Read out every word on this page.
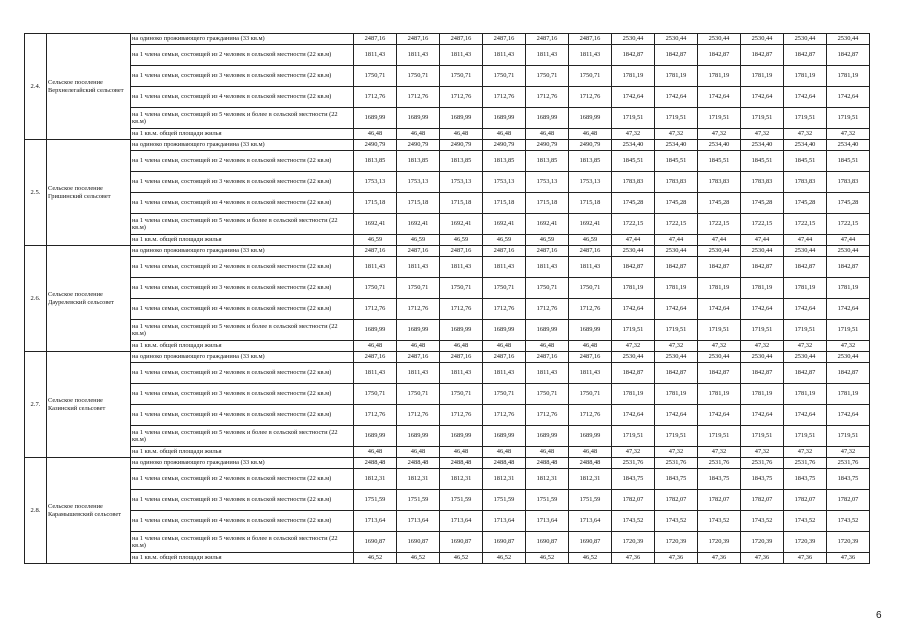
2.4.	Сельское поселение Верхнелегайский сельсовет	на одиноко проживающего гражданина (33 кв.м)	2487,16	2487,16	2487,16	2487,16	2487,16	2487,16	2530,44	2530,44	2530,44	2530,44	2530,44	2530,44
		на 1 члена семьи, состоящей из 2 человек в сельской местности (22 кв.м)	1811,43	1811,43	1811,43	1811,43	1811,43	1811,43	1842,87	1842,87	1842,87	1842,87	1842,87	1842,87
		на 1 члена семьи, состоящей из 3 человек в сельской местности (22 кв.м)	1750,71	1750,71	1750,71	1750,71	1750,71	1750,71	1781,19	1781,19	1781,19	1781,19	1781,19	1781,19
		на 1 члена семьи, состоящей из 4 человек в сельской местности (22 кв.м)	1712,76	1712,76	1712,76	1712,76	1712,76	1712,76	1742,64	1742,64	1742,64	1742,64	1742,64	1742,64
		на 1 члена семьи, состоящей из 5 человек и более в сельской местности (22 кв.м)	1689,99	1689,99	1689,99	1689,99	1689,99	1689,99	1719,51	1719,51	1719,51	1719,51	1719,51	1719,51
		на 1 кв.м. общей площади жилья	46,48	46,48	46,48	46,48	46,48	46,48	47,32	47,32	47,32	47,32	47,32	47,32
2.5.	Сельское поселение Гришинский сельсовет	на одиноко проживающего гражданина (33 кв.м)	2490,79	2490,79	2490,79	2490,79	2490,79	2490,79	2534,40	2534,40	2534,40	2534,40	2534,40	2534,40
		на 1 члена семьи, состоящей из 2 человек в сельской местности (22 кв.м)	1813,85	1813,85	1813,85	1813,85	1813,85	1813,85	1845,51	1845,51	1845,51	1845,51	1845,51	1845,51
		на 1 члена семьи, состоящей из 3 человек в сельской местности (22 кв.м)	1753,13	1753,13	1753,13	1753,13	1753,13	1753,13	1783,83	1783,83	1783,83	1783,83	1783,83	1783,83
		на 1 члена семьи, состоящей из 4 человек в сельской местности (22 кв.м)	1715,18	1715,18	1715,18	1715,18	1715,18	1715,18	1745,28	1745,28	1745,28	1745,28	1745,28	1745,28
		на 1 члена семьи, состоящей из 5 человек и более в сельской местности (22 кв.м)	1692,41	1692,41	1692,41	1692,41	1692,41	1692,41	1722,15	1722,15	1722,15	1722,15	1722,15	1722,15
		на 1 кв.м. общей площади жилья	46,59	46,59	46,59	46,59	46,59	46,59	47,44	47,44	47,44	47,44	47,44	47,44
2.6.	Сельское поселение Даурелевский сельсовет	на одиноко проживающего гражданина (33 кв.м)	2487,16	2487,16	2487,16	2487,16	2487,16	2487,16	2530,44	2530,44	2530,44	2530,44	2530,44	2530,44
		на 1 члена семьи, состоящей из 2 человек в сельской местности (22 кв.м)	1811,43	1811,43	1811,43	1811,43	1811,43	1811,43	1842,87	1842,87	1842,87	1842,87	1842,87	1842,87
		на 1 члена семьи, состоящей из 3 человек в сельской местности (22 кв.м)	1750,71	1750,71	1750,71	1750,71	1750,71	1750,71	1781,19	1781,19	1781,19	1781,19	1781,19	1781,19
		на 1 члена семьи, состоящей из 4 человек в сельской местности (22 кв.м)	1712,76	1712,76	1712,76	1712,76	1712,76	1712,76	1742,64	1742,64	1742,64	1742,64	1742,64	1742,64
		на 1 члена семьи, состоящей из 5 человек и более в сельской местности (22 кв.м)	1689,99	1689,99	1689,99	1689,99	1689,99	1689,99	1719,51	1719,51	1719,51	1719,51	1719,51	1719,51
		на 1 кв.м. общей площади жилья	46,48	46,48	46,48	46,48	46,48	46,48	47,32	47,32	47,32	47,32	47,32	47,32
2.7.	Сельское поселение Казинский сельсовет	на одиноко проживающего гражданина (33 кв.м)	2487,16	2487,16	2487,16	2487,16	2487,16	2487,16	2530,44	2530,44	2530,44	2530,44	2530,44	2530,44
		на 1 члена семьи, состоящей из 2 человек в сельской местности (22 кв.м)	1811,43	1811,43	1811,43	1811,43	1811,43	1811,43	1842,87	1842,87	1842,87	1842,87	1842,87	1842,87
		на 1 члена семьи, состоящей из 3 человек в сельской местности (22 кв.м)	1750,71	1750,71	1750,71	1750,71	1750,71	1750,71	1781,19	1781,19	1781,19	1781,19	1781,19	1781,19
		на 1 члена семьи, состоящей из 4 человек в сельской местности (22 кв.м)	1712,76	1712,76	1712,76	1712,76	1712,76	1712,76	1742,64	1742,64	1742,64	1742,64	1742,64	1742,64
		на 1 члена семьи, состоящей из 5 человек и более в сельской местности (22 кв.м)	1689,99	1689,99	1689,99	1689,99	1689,99	1689,99	1719,51	1719,51	1719,51	1719,51	1719,51	1719,51
		на 1 кв.м. общей площади жилья	46,48	46,48	46,48	46,48	46,48	46,48	47,32	47,32	47,32	47,32	47,32	47,32
2.8.	Сельское поселение Карамышевский сельсовет	на одиноко проживающего гражданина (33 кв.м)	2488,48	2488,48	2488,48	2488,48	2488,48	2488,48	2531,76	2531,76	2531,76	2531,76	2531,76	2531,76
		на 1 члена семьи, состоящей из 2 человек в сельской местности (22 кв.м)	1812,31	1812,31	1812,31	1812,31	1812,31	1812,31	1843,75	1843,75	1843,75	1843,75	1843,75	1843,75
		на 1 члена семьи, состоящей из 3 человек в сельской местности (22 кв.м)	1751,59	1751,59	1751,59	1751,59	1751,59	1751,59	1782,07	1782,07	1782,07	1782,07	1782,07	1782,07
		на 1 члена семьи, состоящей из 4 человек в сельской местности (22 кв.м)	1713,64	1713,64	1713,64	1713,64	1713,64	1713,64	1743,52	1743,52	1743,52	1743,52	1743,52	1743,52
		на 1 члена семьи, состоящей из 5 человек и более в сельской местности (22 кв.м)	1690,87	1690,87	1690,87	1690,87	1690,87	1690,87	1720,39	1720,39	1720,39	1720,39	1720,39	1720,39
		на 1 кв.м. общей площади жилья	46,52	46,52	46,52	46,52	46,52	46,52	47,36	47,36	47,36	47,36	47,36	47,36
6
